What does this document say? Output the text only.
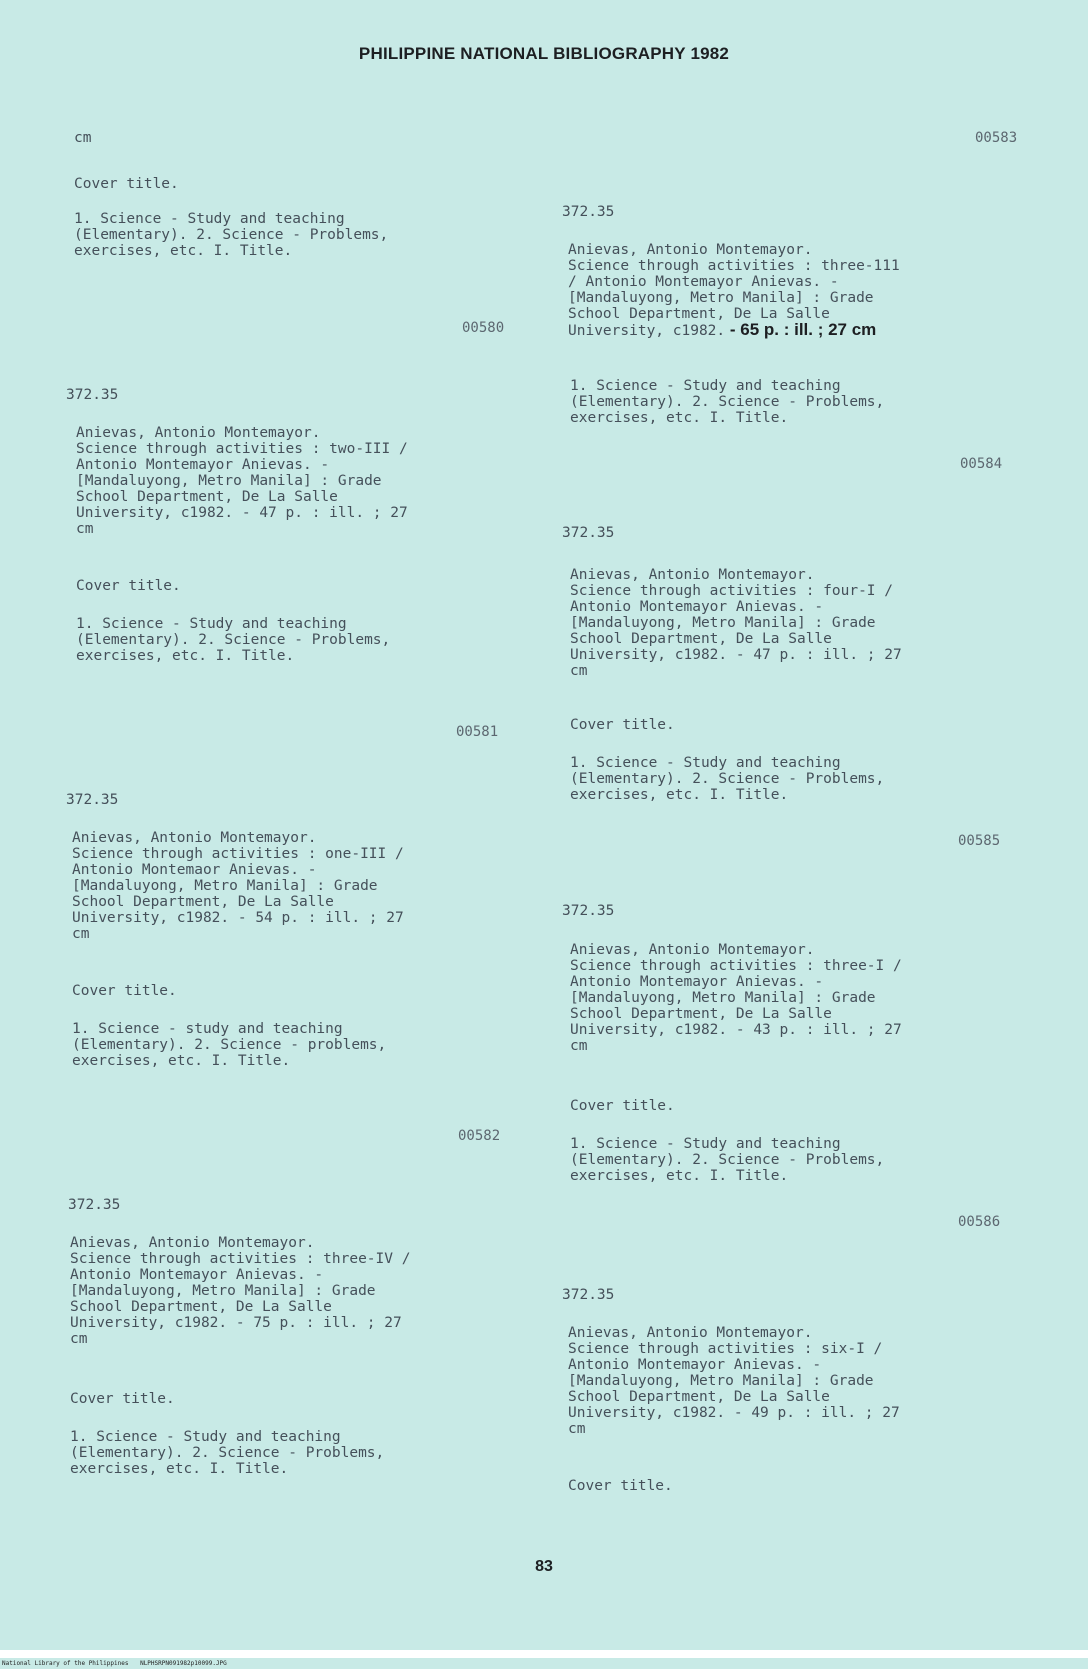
PHILIPPINE NATIONAL BIBLIOGRAPHY 1982
cm
Cover title.
1. Science - Study and teaching
(Elementary). 2. Science - Problems,
exercises, etc. I. Title.
00580
372.35
Anievas, Antonio Montemayor.
Science through activities : two-III /
Antonio Montemayor Anievas. -
[Mandaluyong, Metro Manila] : Grade
School Department, De La Salle
University, c1982. - 47 p. : ill. ; 27
cm
Cover title.
1. Science - Study and teaching
(Elementary). 2. Science - Problems,
exercises, etc. I. Title.
00581
372.35
Anievas, Antonio Montemayor.
Science through activities : one-III /
Antonio Montemaor Anievas. -
[Mandaluyong, Metro Manila] : Grade
School Department, De La Salle
University, c1982. - 54 p. : ill. ; 27
cm
Cover title.
1. Science - study and teaching
(Elementary). 2. Science - problems,
exercises, etc. I. Title.
00582
372.35
Anievas, Antonio Montemayor.
Science through activities : three-IV /
Antonio Montemayor Anievas. -
[Mandaluyong, Metro Manila] : Grade
School Department, De La Salle
University, c1982. - 75 p. : ill. ; 27
cm
Cover title.
1. Science - Study and teaching
(Elementary). 2. Science - Problems,
exercises, etc. I. Title.
00583
372.35
Anievas, Antonio Montemayor.
Science through activities : three-111
/ Antonio Montemayor Anievas. -
[Mandaluyong, Metro Manila] : Grade
School Department, De La Salle
University, c1982. - 65 p. : ill. ; 27 cm
1. Science - Study and teaching
(Elementary). 2. Science - Problems,
exercises, etc. I. Title.
00584
372.35
Anievas, Antonio Montemayor.
Science through activities : four-I /
Antonio Montemayor Anievas. -
[Mandaluyong, Metro Manila] : Grade
School Department, De La Salle
University, c1982. - 47 p. : ill. ; 27
cm
Cover title.
1. Science - Study and teaching
(Elementary). 2. Science - Problems,
exercises, etc. I. Title.
00585
372.35
Anievas, Antonio Montemayor.
Science through activities : three-I /
Antonio Montemayor Anievas. -
[Mandaluyong, Metro Manila] : Grade
School Department, De La Salle
University, c1982. - 43 p. : ill. ; 27
cm
Cover title.
1. Science - Study and teaching
(Elementary). 2. Science - Problems,
exercises, etc. I. Title.
00586
372.35
Anievas, Antonio Montemayor.
Science through activities : six-I /
Antonio Montemayor Anievas. -
[Mandaluyong, Metro Manila] : Grade
School Department, De La Salle
University, c1982. - 49 p. : ill. ; 27
cm
Cover title.
83
National Library of the Philippines NLPHSRPN091982p10099.JPG
